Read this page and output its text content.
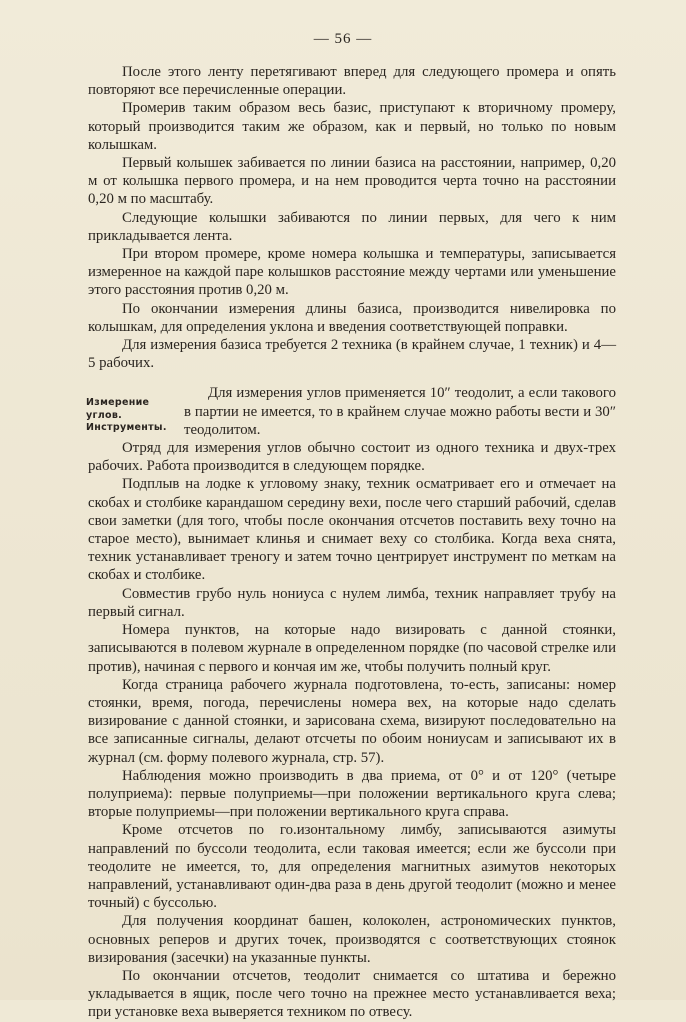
— 56 —

После этого ленту перетягивают вперед для следующего промера и опять повторяют все перечисленные операции.

Промерив таким образом весь базис, приступают к вторичному промеру, который производится таким же образом, как и первый, но только по новым колышкам.

Первый колышек забивается по линии базиса на расстоянии, например, 0,20 м от колышка первого промера, и на нем проводится черта точно на расстоянии 0,20 м по масштабу.

Следующие колышки забиваются по линии первых, для чего к ним прикладывается лента.

При втором промере, кроме номера колышка и температуры, записывается измеренное на каждой паре колышков расстояние между чертами или уменьшение этого расстояния против 0,20 м.

По окончании измерения длины базиса, производится нивелировка по колышкам, для определения уклона и введения соответствующей поправки.

Для измерения базиса требуется 2 техника (в крайнем случае, 1 техник) и 4—5 рабочих.

Измерение углов. Инструменты.

Для измерения углов применяется 10″ теодолит, а если такового в партии не имеется, то в крайнем случае можно работы вести и 30″ теодолитом.

Отряд для измерения углов обычно состоит из одного техника и двух-трех рабочих. Работа производится в следующем порядке.

Подплыв на лодке к угловому знаку, техник осматривает его и отмечает на скобах и столбике карандашом середину вехи, после чего старший рабочий, сделав свои заметки (для того, чтобы после окончания отсчетов поставить веху точно на старое место), вынимает клинья и снимает веху со столбика. Когда веха снята, техник устанавливает треногу и затем точно центрирует инструмент по меткам на скобах и столбике.

Совместив грубо нуль нониуса с нулем лимба, техник направляет трубу на первый сигнал.

Номера пунктов, на которые надо визировать с данной стоянки, записываются в полевом журнале в определенном порядке (по часовой стрелке или против), начиная с первого и кончая им же, чтобы получить полный круг.

Когда страница рабочего журнала подготовлена, то-есть, записаны: номер стоянки, время, погода, перечислены номера вех, на которые надо сделать визирование с данной стоянки, и зарисована схема, визируют последовательно на все записанные сигналы, делают отсчеты по обоим нониусам и записывают их в журнал (см. форму полевого журнала, стр. 57).

Наблюдения можно производить в два приема, от 0° и от 120° (четыре полуприема): первые полуприемы—при положении вертикального круга слева; вторые полуприемы—при положении вертикального круга справа.

Кроме отсчетов по го.изонтальному лимбу, записываются азимуты направлений по буссоли теодолита, если таковая имеется; если же буссоли при теодолите не имеется, то, для определения магнитных азимутов некоторых направлений, устанавливают один-два раза в день другой теодолит (можно и менее точный) с буссолью.

Для получения координат башен, колоколен, астрономических пунктов, основных реперов и других точек, производятся с соответствующих стоянок визирования (засечки) на указанные пункты.

По окончании отсчетов, теодолит снимается со штатива и бережно укладывается в ящик, после чего точно на прежнее место устанавливается веха; при установке веха выверяется техником по отвесу.
